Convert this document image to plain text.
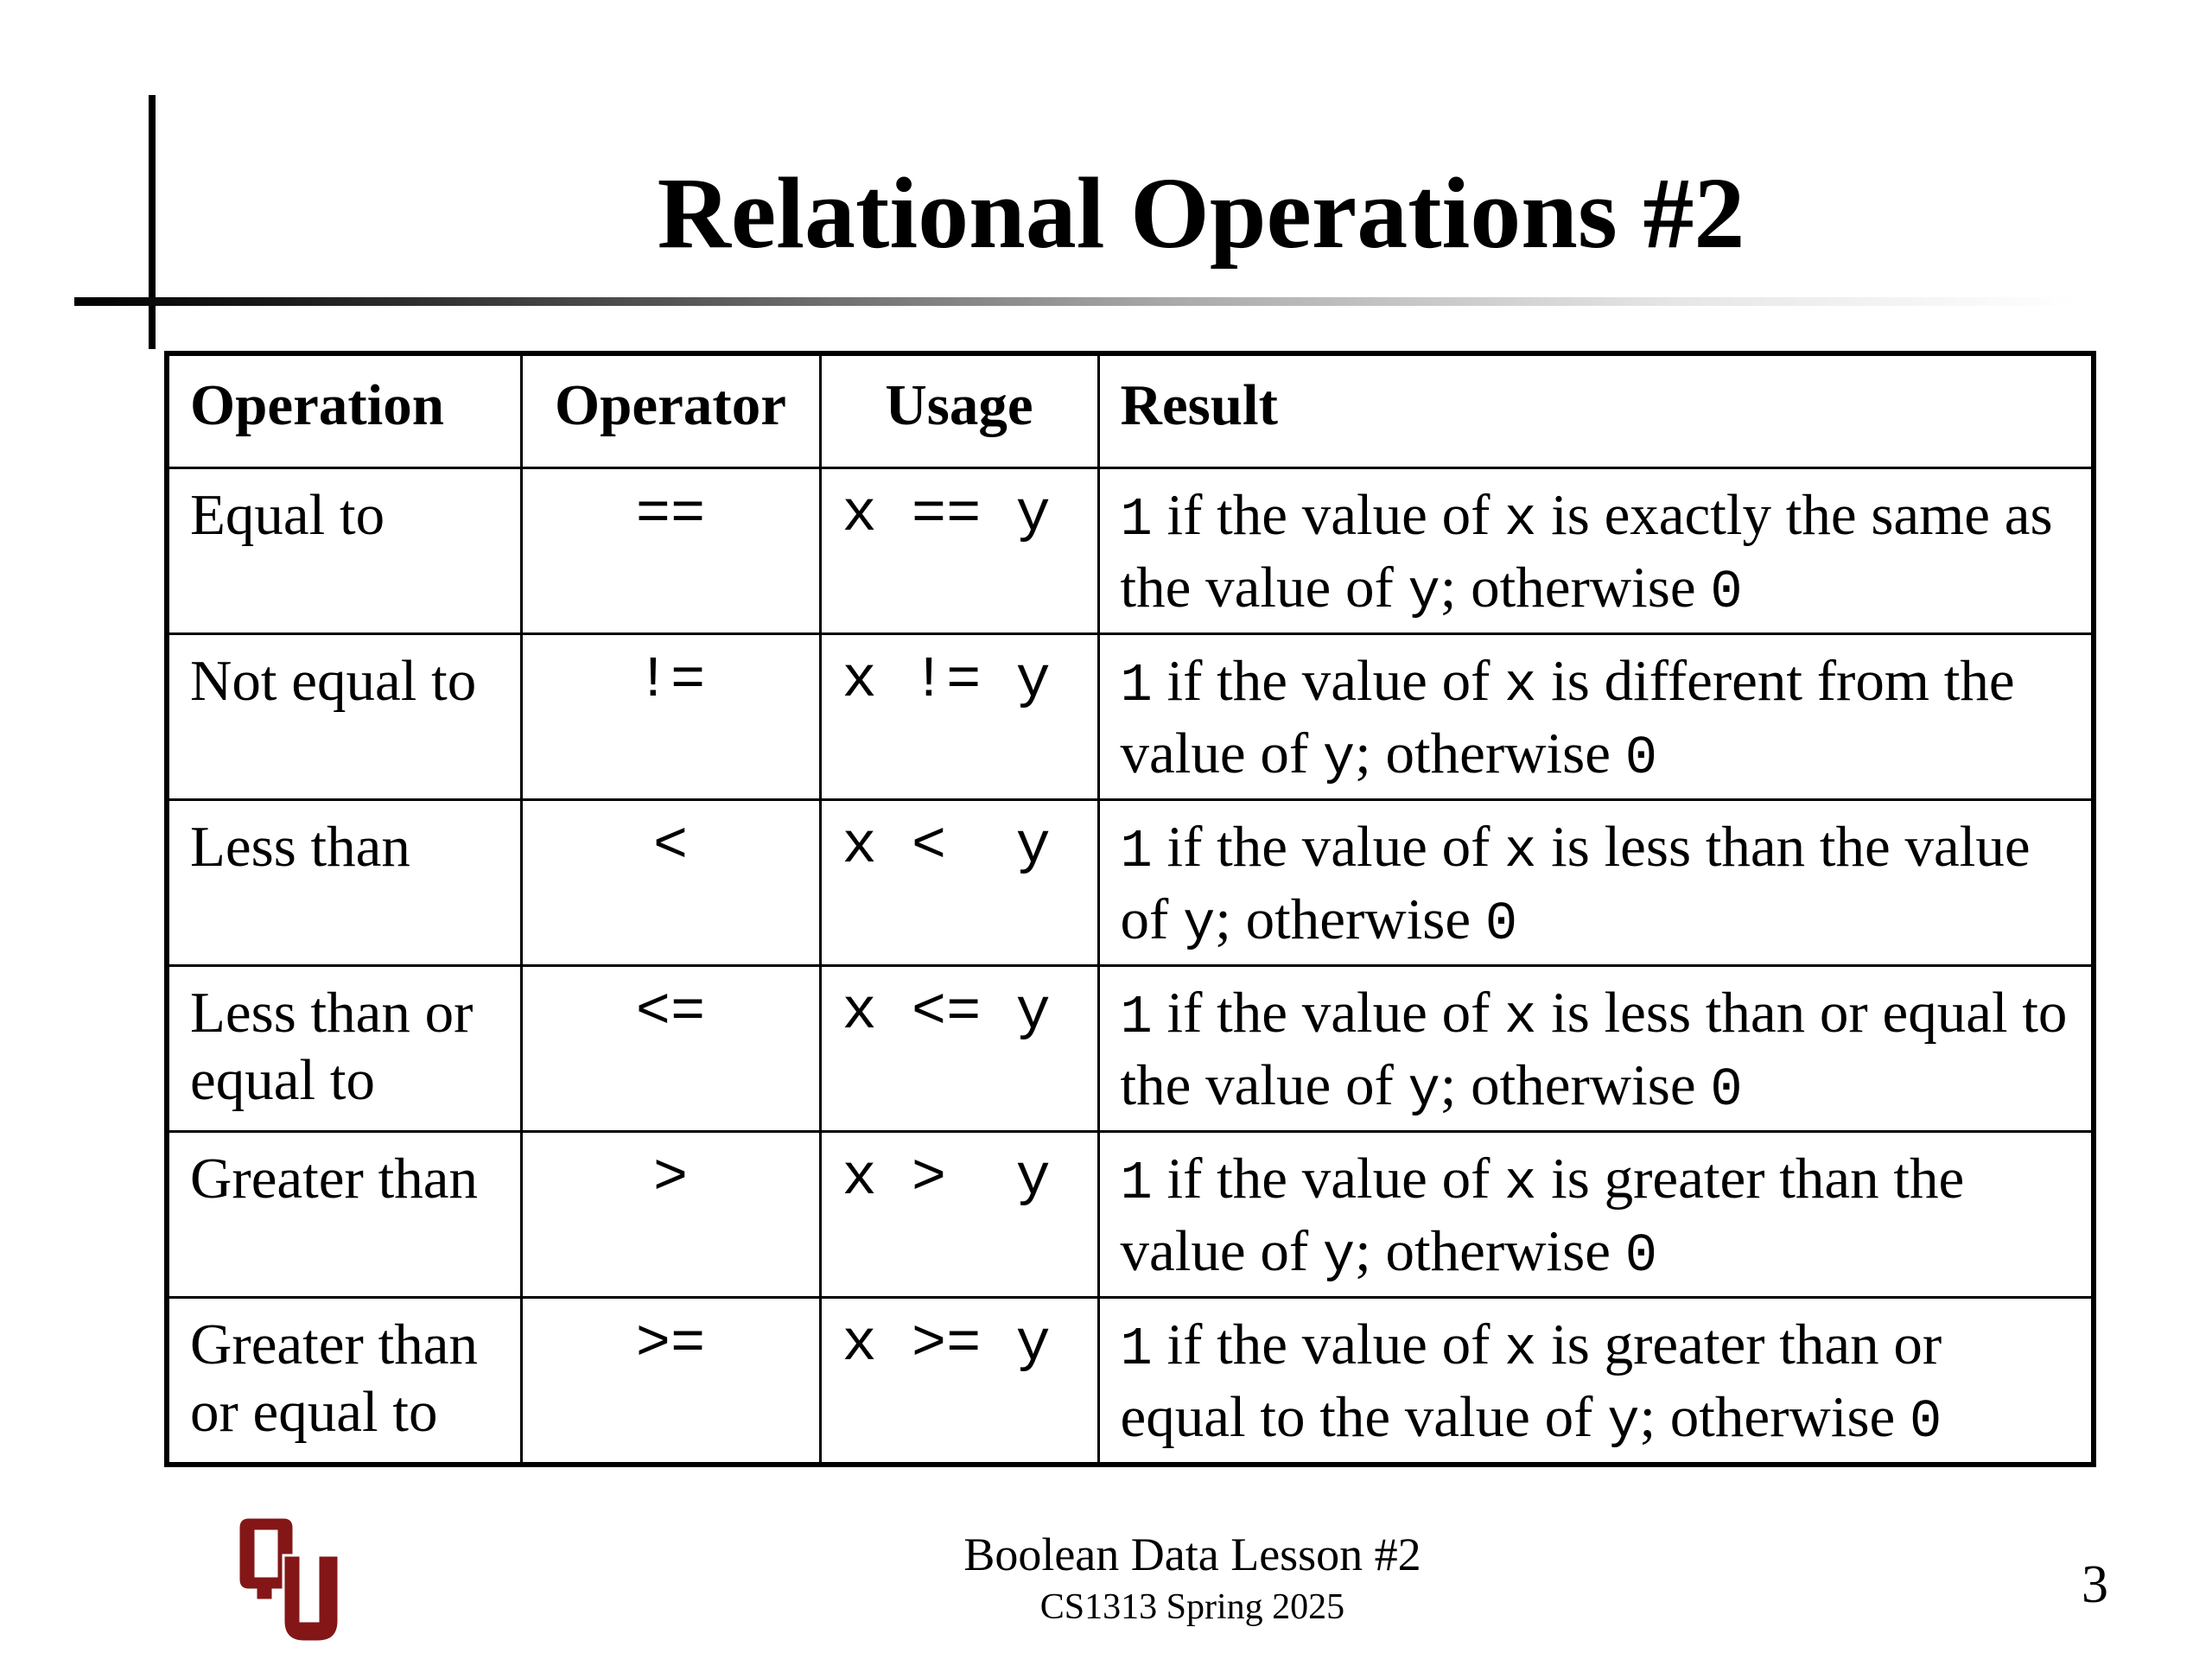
Relational Operations #2
Operation	Operator	Usage	Result
Equal to	==	x == y	1 if the value of x is exactly the same as the value of y; otherwise 0
Not equal to	!=	x != y	1 if the value of x is different from the value of y; otherwise 0
Less than	<	x <  y	1 if the value of x is less than the value of y; otherwise 0
Less than or equal to	<=	x <= y	1 if the value of x is less than or equal to the value of y; otherwise 0
Greater than	>	x >  y	1 if the value of x is greater than the value of y; otherwise 0
Greater than or equal to	>=	x >= y	1 if the value of x is greater than or equal to the value of y; otherwise 0
Boolean Data Lesson #2
CS1313 Spring 2025	3
